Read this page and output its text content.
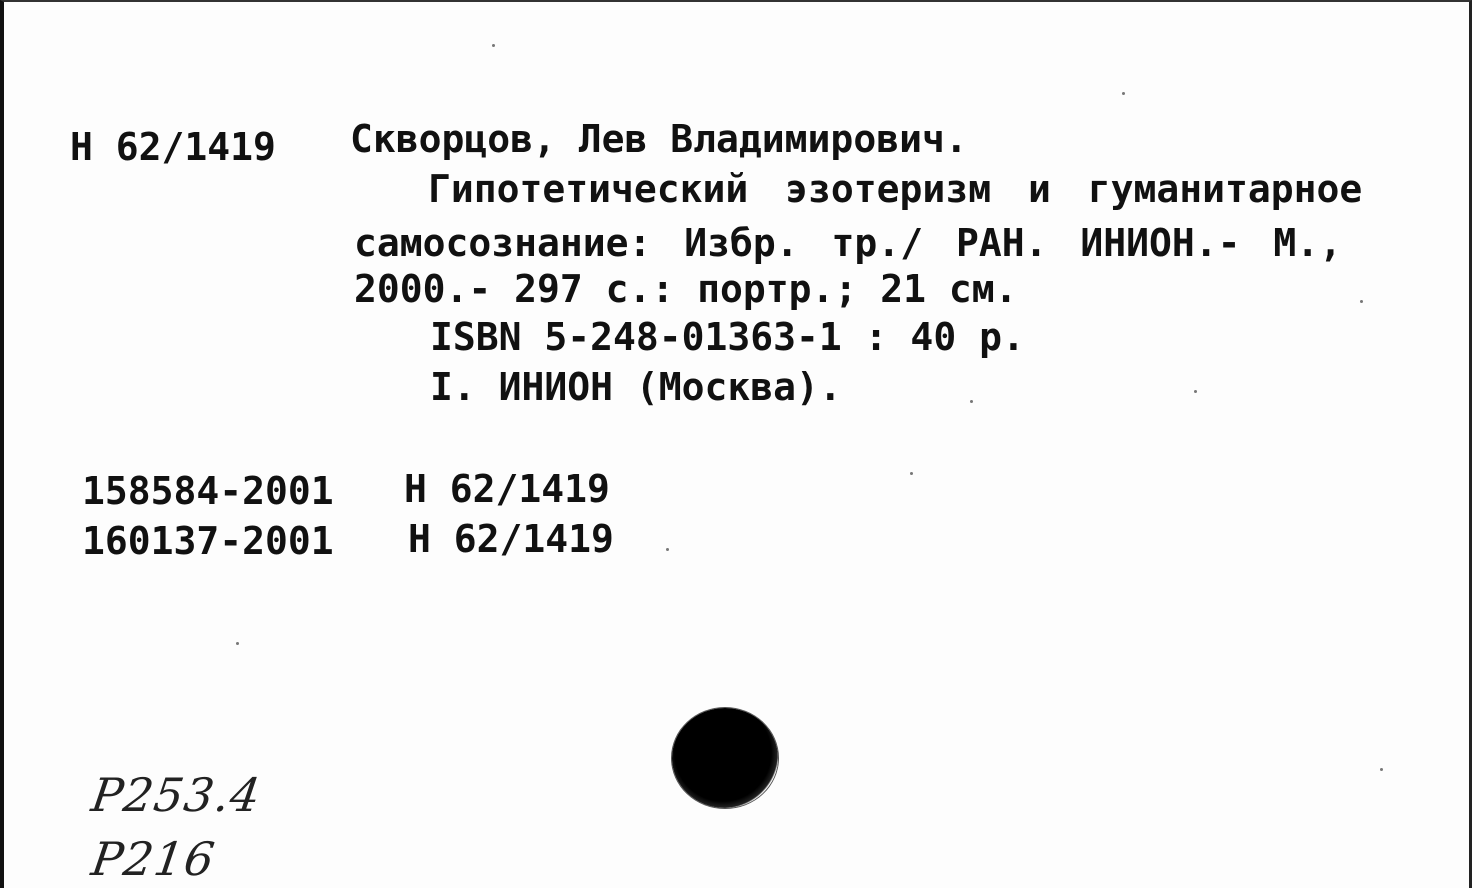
Н 62/1419 Скворцов, Лев Владимирович.
Гипотетический эзотеризм и гуманитарное
самосознание: Избр. тр./ РАН. ИНИОН.- М.,
2000.- 297 с.: портр.; 21 см.
ISBN 5-248-01363-1 : 40 р.
I. ИНИОН (Москва).
158584-2001 Н 62/1419
160137-2001 Н 62/1419
Р253.4
Р216
